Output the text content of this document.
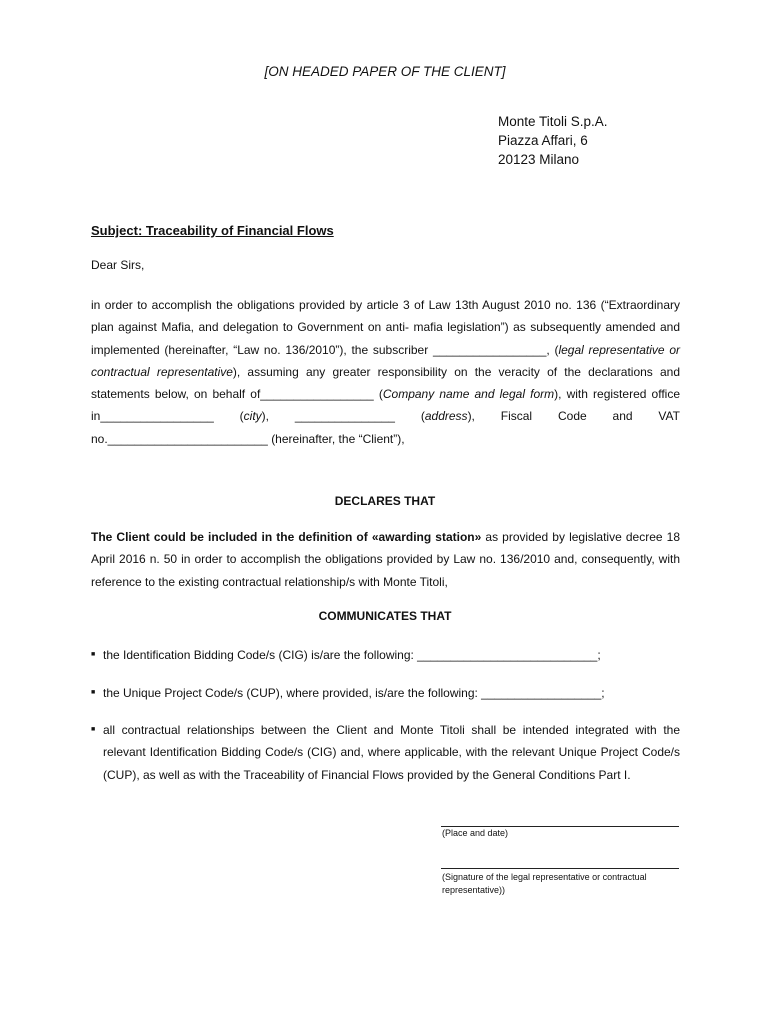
[ON HEADED PAPER OF THE CLIENT]
Monte Titoli S.p.A.
Piazza Affari, 6
20123 Milano
Subject: Traceability of Financial Flows
Dear Sirs,
in order to accomplish the obligations provided by article 3 of Law 13th August 2010 no. 136 (“Extraordinary plan against Mafia, and delegation to Government on anti- mafia legislation”) as subsequently amended and implemented (hereinafter, “Law no. 136/2010”), the subscriber _________________, (legal representative or contractual representative), assuming any greater responsibility on the veracity of the declarations and statements below, on behalf of_________________ (Company name and legal form), with registered office in_________________ (city), _______________ (address), Fiscal Code and VAT no.________________________ (hereinafter, the “Client”),
DECLARES THAT
The Client could be included in the definition of «awarding station» as provided by legislative decree 18 April 2016 n. 50 in order to accomplish the obligations provided by Law no. 136/2010 and, consequently, with reference to the existing contractual relationship/s with Monte Titoli,
COMMUNICATES THAT
■ the Identification Bidding Code/s (CIG) is/are the following: ___________________________;
■ the Unique Project Code/s (CUP), where provided, is/are the following: __________________;
■ all contractual relationships between the Client and Monte Titoli shall be intended integrated with the relevant Identification Bidding Code/s (CIG) and, where applicable, with the relevant Unique Project Code/s (CUP), as well as with the Traceability of Financial Flows provided by the General Conditions Part I.
(Place and date)
(Signature of the legal representative or contractual representative))
